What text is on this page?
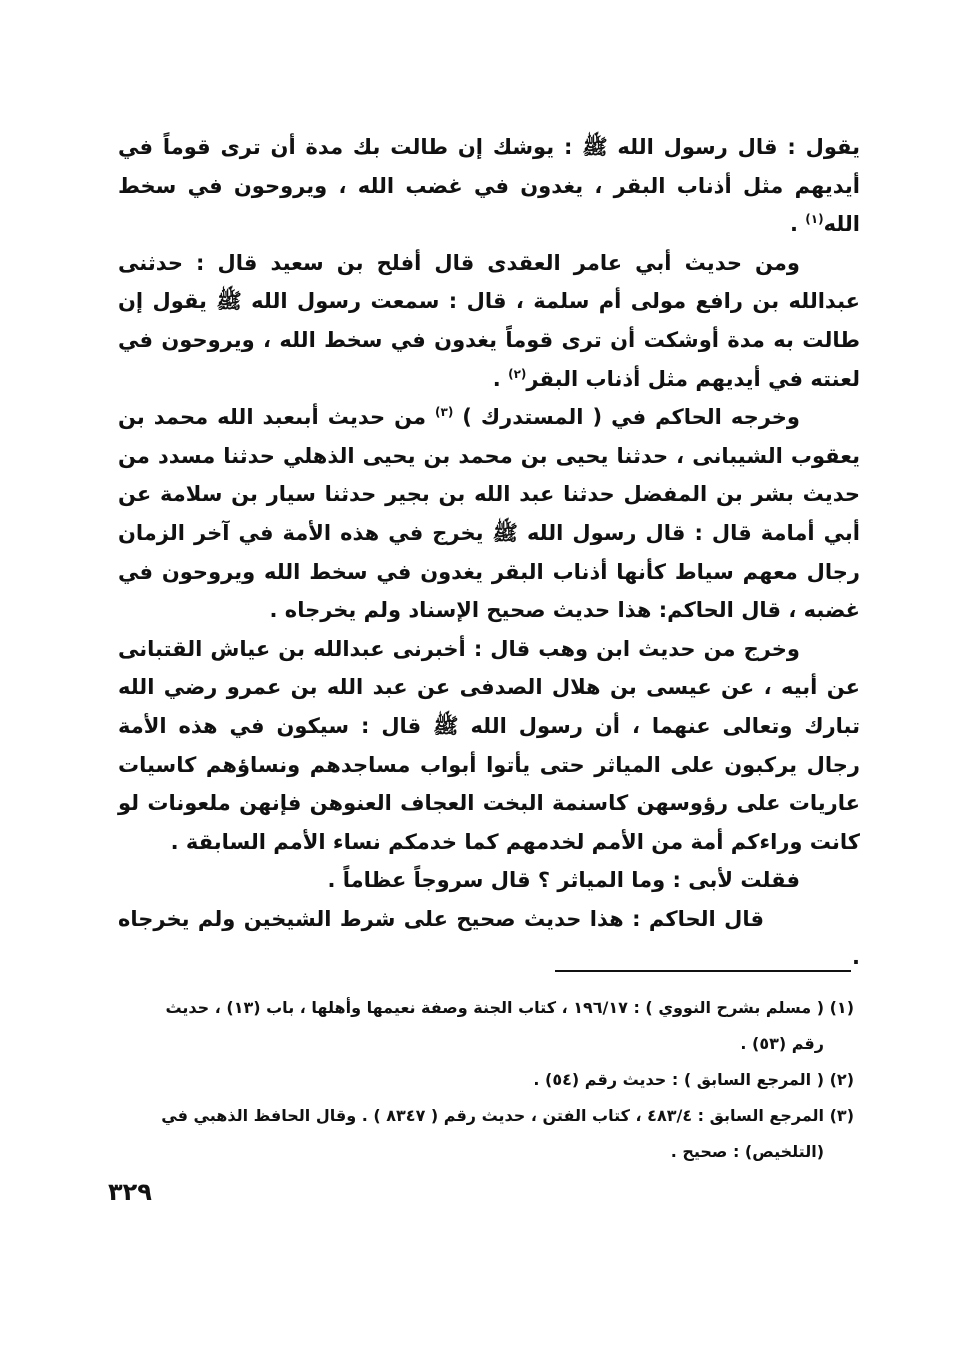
يقول : قال رسول الله ﷺ : يوشك إن طالت بك مدة أن ترى قوماً في أيديهم مثل أذناب البقر ، يغدون في غضب الله ، ويروحون في سخط الله$^{(١)}$ .

ومن حديث أبي عامر العقدى قال أفلح بن سعيد قال : حدثنى عبدالله بن رافع مولى أم سلمة ، قال : سمعت رسول الله ﷺ يقول إن طالت به مدة أوشكت أن ترى قوماً يغدون في سخط الله ، ويروحون في لعنته في أيديهم مثل أذناب البقر$^{(٢)}$ .

وخرجه الحاكم في ( المستدرك ) $^{(٣)}$ من حديث أبىعبد الله محمد بن يعقوب الشيبانى ، حدثنا يحيى بن محمد بن يحيى الذهلي حدثنا مسدد من حديث بشر بن المفضل حدثنا عبد الله بن بجير حدثنا سيار بن سلامة عن أبي أمامة قال : قال رسول الله ﷺ يخرج في هذه الأمة في آخر الزمان رجال معهم سياط كأنها أذناب البقر يغدون في سخط الله ويروحون في غضبه ، قال الحاكم: هذا حديث صحيح الإسناد ولم يخرجاه .

وخرج من حديث ابن وهب قال : أخبرنى عبدالله بن عياش القتبانى عن أبيه ، عن عيسى بن هلال الصدفى عن عبد الله بن عمرو رضي الله تبارك وتعالى عنهما ، أن رسول الله ﷺ قال : سيكون في هذه الأمة رجال يركبون على المياثر حتى يأتوا أبواب مساجدهم ونساؤهم كاسيات عاريات على رؤوسهن كاسنمة البخت العجاف العنوهن فإنهن ملعونات لو كانت وراءكم أمة من الأمم لخدمهم كما خدمكم نساء الأمم السابقة .

فقلت لأبى : وما المياثر ؟ قال سروجاً عظاماً .

قال الحاكم : هذا حديث صحيح على شرط الشيخين ولم يخرجاه .

(١) ( مسلم بشرح النووي ) : ١٩٦/١٧ ، كتاب الجنة وصفة نعيمها وأهلها ، باب (١٣) ، حديث

رقم (٥٣) .

(٢) ( المرجع السابق ) : حديث رقم (٥٤) .

(٣) المرجع السابق : ٤٨٣/٤ ، كتاب الفتن ، حديث رقم ( ٨٣٤٧ ) . وقال الحافظ الذهبي في

(التلخيص) : صحيح .

٣٢٩
